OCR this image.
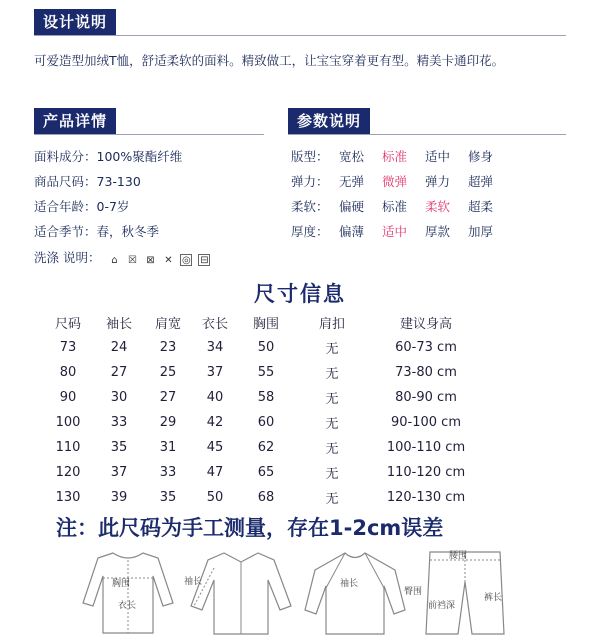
设计说明
可爱造型加绒T恤，舒适柔软的面料。精致做工，让宝宝穿着更有型。精美卡通印花。
产品详情
面料成分：100%聚酯纤维
商品尺码：73-130
适合年龄：0-7岁
适合季节：春，秋冬季
洗涤 说明： ⌂ ☒ ⊠ ✕ ◎ ⊟
参数说明
版型： 宽松 标准 适中 修身
弹力： 无弹 微弹 弹力 超弹
柔软： 偏硬 标准 柔软 超柔
厚度： 偏薄 适中 厚款 加厚
尺寸信息
尺码	袖长	肩宽	衣长	胸围	肩扣	建议身高
73	24	23	34	50	无	60-73 cm
80	27	25	37	55	无	73-80 cm
90	30	27	40	58	无	80-90 cm
100	33	29	42	60	无	90-100 cm
110	35	31	45	62	无	100-110 cm
120	37	33	47	65	无	110-120 cm
130	39	35	50	68	无	120-130 cm
注：此尺码为手工测量，存在1-2cm误差
胸围
衣长
袖长	袖长
腰围
臀围
前裆深
裤长
